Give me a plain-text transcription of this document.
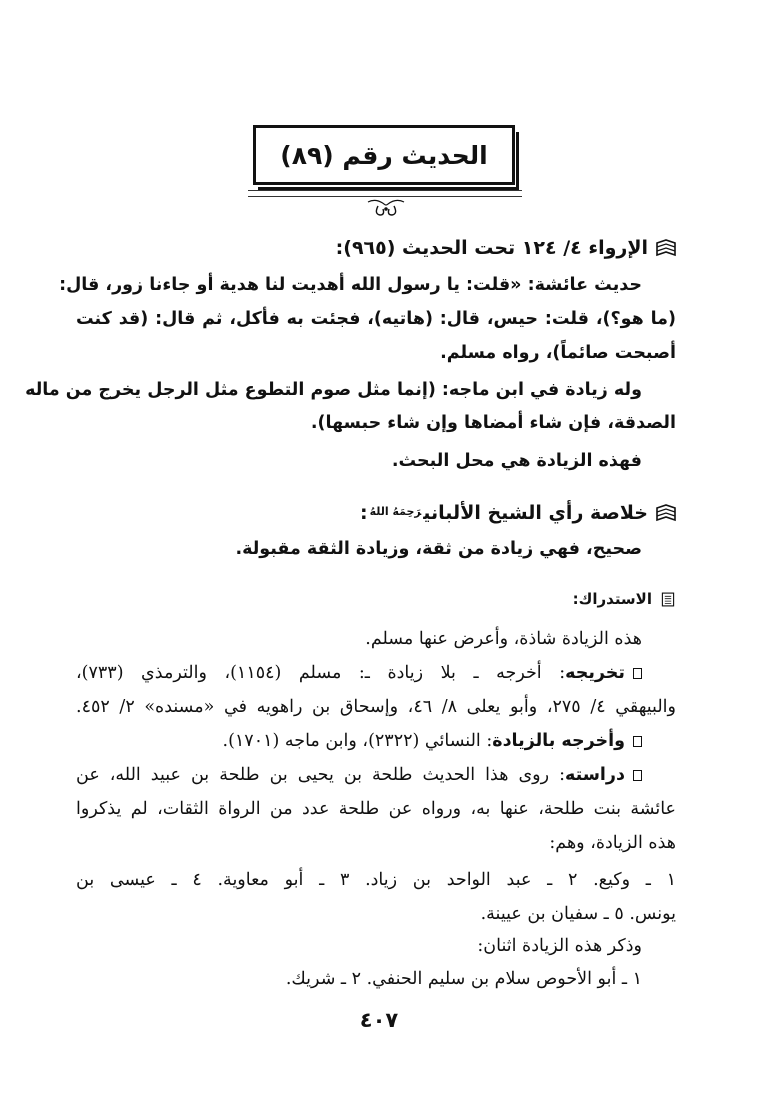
الحديث رقم (٨٩)
الإرواء ٤/ ١٢٤ تحت الحديث (٩٦٥):
حديث عائشة: «قلت: يا رسول الله أهديت لنا هدية أو جاءنا زور، قال:
(ما هو؟)، قلت: حيس، قال: (هاتيه)، فجئت به فأكل، ثم قال: (قد كنت
أصبحت صائماً)، رواه مسلم.
وله زيادة في ابن ماجه: (إنما مثل صوم التطوع مثل الرجل يخرج من ماله
الصدقة، فإن شاء أمضاها وإن شاء حبسها).
فهذه الزيادة هي محل البحث.
خلاصة رأي الشيخ الألباني$^{رَحِمَهُ اللهُ}$:
صحيح، فهي زيادة من ثقة، وزيادة الثقة مقبولة.
الاستدراك:
هذه الزيادة شاذة، وأعرض عنها مسلم.
تخريجه: أخرجه ـ بلا زيادة ـ: مسلم (١١٥٤)، والترمذي (٧٣٣)،
والبيهقي ٤/ ٢٧٥، وأبو يعلى ٨/ ٤٦، وإسحاق بن راهويه في «مسنده» ٢/ ٤٥٢.
وأخرجه بالزيادة: النسائي (٢٣٢٢)، وابن ماجه (١٧٠١).
دراسته: روى هذا الحديث طلحة بن يحيى بن طلحة بن عبيد الله، عن
عائشة بنت طلحة، عنها به، ورواه عن طلحة عدد من الرواة الثقات، لم يذكروا
هذه الزيادة، وهم:
١ ـ وكيع. ٢ ـ عبد الواحد بن زياد. ٣ ـ أبو معاوية. ٤ ـ عيسى بن
يونس. ٥ ـ سفيان بن عيينة.
وذكر هذه الزيادة اثنان:
١ ـ أبو الأحوص سلام بن سليم الحنفي. ٢ ـ شريك.
٤٠٧
